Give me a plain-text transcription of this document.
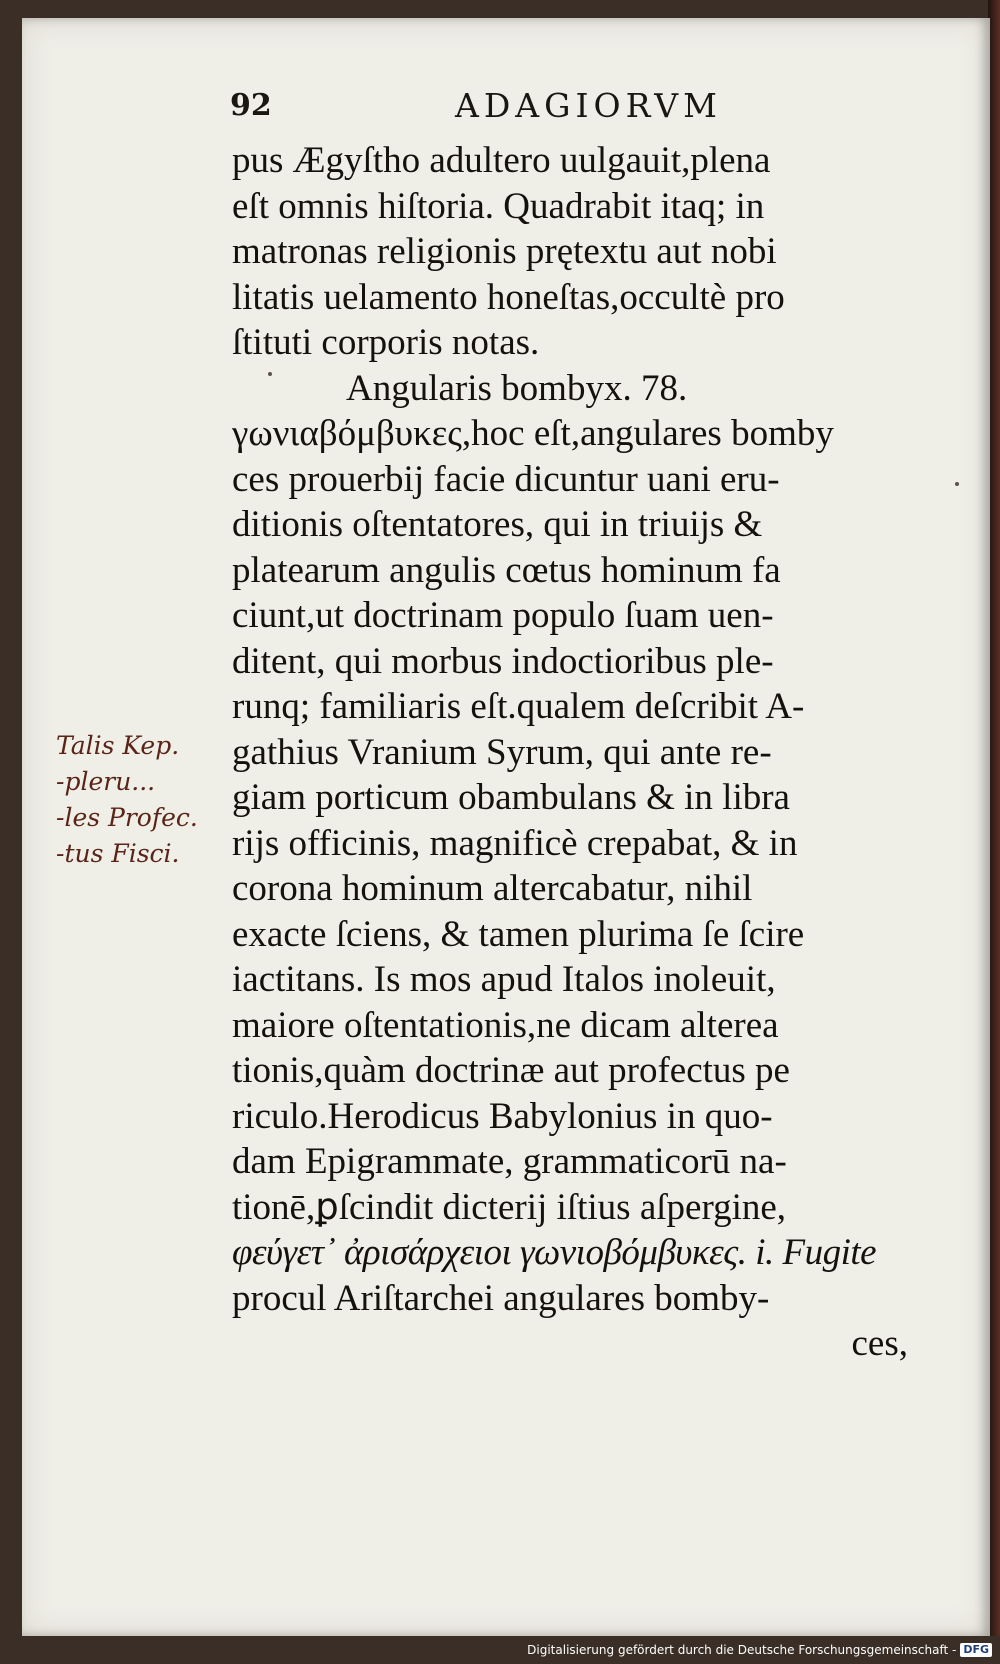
92	ADAGIORVM
pus Ægyſtho adultero uulgauit,plena
eſt omnis hiſtoria. Quadrabit itaq; in
matronas religionis prętextu aut nobi
litatis uelamento honeſtas,occultè pro
ſtituti corporis notas.
Angularis bombyx. 78.
γωνιαβόμβυκες,hoc eſt,angulares bomby
ces prouerbij facie dicuntur uani eru-
ditionis oſtentatores, qui in triuijs &
platearum angulis cœtus hominum fa
ciunt,ut doctrinam populo ſuam uen-
ditent, qui morbus indoctioribus ple-
runq; familiaris eſt.qualem deſcribit A-
gathius Vranium Syrum, qui ante re-
giam porticum obambulans & in libra
rijs officinis, magnificè crepabat, & in
corona hominum altercabatur, nihil
exacte ſciens, & tamen plurima ſe ſcire
iactitans. Is mos apud Italos inoleuit,
maiore oſtentationis,ne dicam alterea
tionis,quàm doctrinæ aut profectus pe
riculo.Herodicus Babylonius in quo-
dam Epigrammate, grammaticorū na-
tionē,ꝑſcindit dicterij iſtius aſpergine,
φεύγετ᾽ ἀρισάρχειοι γωνιοβόμβυκες. i. Fugite
procul Ariſtarchei angulares bomby-
ces,
Talis Kep.
-pleru...
-les Profec.
-tus Fisci.
Digitalisierung gefördert durch die Deutsche Forschungsgemeinschaft - DFG
